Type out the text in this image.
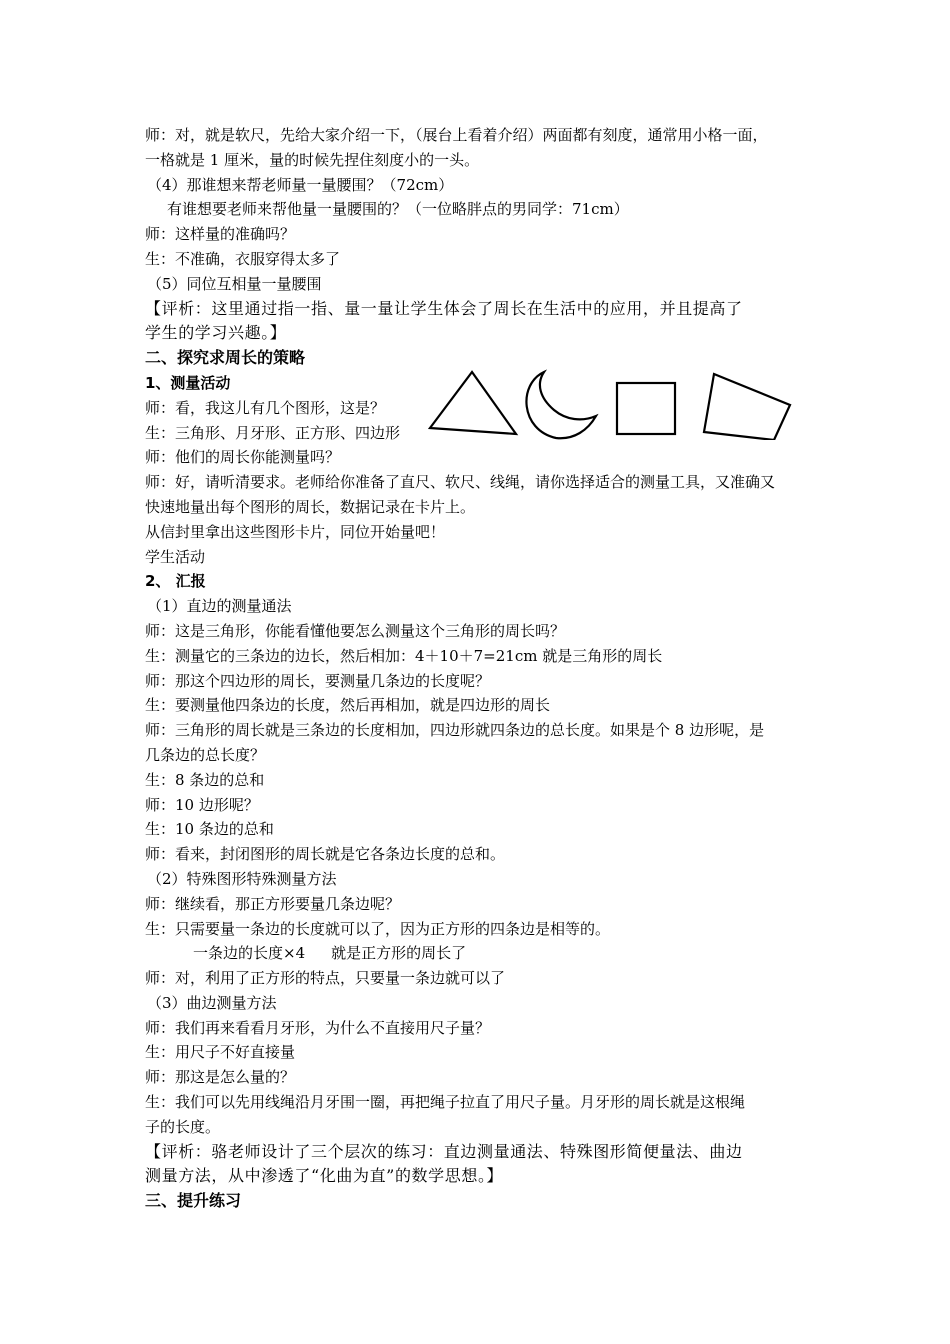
师：对，就是软尺，先给大家介绍一下，（展台上看着介绍）两面都有刻度，通常用小格一面，
一格就是 1 厘米，量的时候先捏住刻度小的一头。
（4）那谁想来帮老师量一量腰围？（72cm）
有谁想要老师来帮他量一量腰围的？（一位略胖点的男同学：71cm）
师：这样量的准确吗？
生：不准确，衣服穿得太多了
（5）同位互相量一量腰围
【评析：这里通过指一指、量一量让学生体会了周长在生活中的应用，并且提高了
学生的学习兴趣。】
二、探究求周长的策略
1、测量活动
师：看，我这儿有几个图形，这是？
生：三角形、月牙形、正方形、四边形
师：他们的周长你能测量吗？
师：好，请听清要求。老师给你准备了直尺、软尺、线绳，请你选择适合的测量工具，又准确又
快速地量出每个图形的周长，数据记录在卡片上。
从信封里拿出这些图形卡片，同位开始量吧！
学生活动
2、 汇报
（1）直边的测量通法
师：这是三角形，你能看懂他要怎么测量这个三角形的周长吗？
生：测量它的三条边的边长，然后相加：4＋10＋7=21cm 就是三角形的周长
师：那这个四边形的周长，要测量几条边的长度呢？
生：要测量他四条边的长度，然后再相加，就是四边形的周长
师：三角形的周长就是三条边的长度相加，四边形就四条边的总长度。如果是个 8 边形呢，是
几条边的总长度？
生：8 条边的总和
师：10 边形呢？
生：10 条边的总和
师：看来，封闭图形的周长就是它各条边长度的总和。
（2）特殊图形特殊测量方法
师：继续看，那正方形要量几条边呢？
生：只需要量一条边的长度就可以了，因为正方形的四条边是相等的。
一条边的长度×4 就是正方形的周长了
师：对，利用了正方形的特点，只要量一条边就可以了
（3）曲边测量方法
师：我们再来看看月牙形，为什么不直接用尺子量？
生：用尺子不好直接量
师：那这是怎么量的？
生：我们可以先用线绳沿月牙围一圈，再把绳子拉直了用尺子量。月牙形的周长就是这根绳
子的长度。
【评析：骆老师设计了三个层次的练习：直边测量通法、特殊图形简便量法、曲边
测量方法，从中渗透了“化曲为直”的数学思想。】
三、提升练习
